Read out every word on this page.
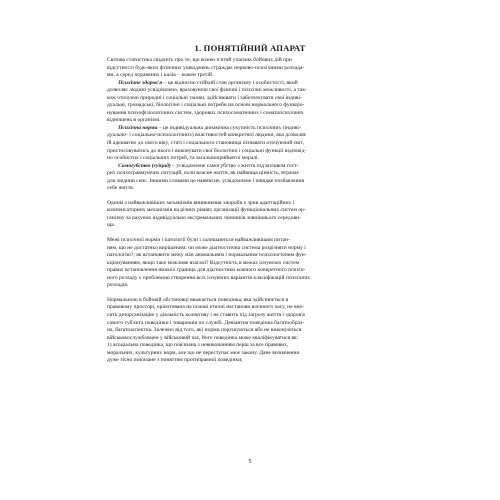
1. ПОНЯТІЙНИЙ АПАРАТ

Світова статистика свідчить про те, що кожен п'ятий учасник бойових дій при
відсутності будь-яких фізичних ушкоджень страждає нервово-психічними розлада-
ми, а серед поранених і калік – кожен третій.

  Психічне здоров'я – це відносно стійкий стан організму і особистості, який
дозволяє людині усвідомлено, враховуючи свої фізичні і психічні можливості, а так-
кож оточуючі природні і соціальні умови, здійснювати і забезпечувати свої індиві-
дуальні, громадські, біологічні і соціальні потреби на основі нормального функціо-
нування психофізіологічних систем, здорових психосоматичних і соматопсихічних
відношень в організмі.

  Психічна норма – це індивідуальна динамічна сукупність психічних (індиві-
дуально- і соціально-психологічних) властивостей конкретної людини, яка дозволяє
їй адекватно до свого віку, статі і соціального становища пізнавати оточуючий світ,
пристосовуватись до нього і виконувати свої біологічні і соціальні функції відповід-
но особистих і соціальних потреб, та загальноприйнятої моралі.

  Самогубство (суїцид) – усвідомлене самогубство з життя під впливом гост-
рих психотравмуючих ситуацій, коли власне життя, як найвища цінність, втрачає
для людини сенс. Іншими словами це навмисне, усвідомлене і швидке позбавлення
себе життя.

Одним з найважливіших механізмів виникнення хвороби є зрив адаптаційних і
компенсаторних механізмів на різних рівнях організації функціональних систем ор-
ганізму за рахунок індивідуально екстремальних чинників зовнішнього середови-
ща.

Межі психічної норми і патології були і залишаються найважливішим питан-
ням, що не достатньо вирішеним: чи може діагностична система розрізняти норму і
патологію?; як встановити межу між аномальним і нормальним психологічним фун-
кціонуванням, якщо таке можливе взагалі? Відсутність в межах існуючих систем
правил встановлення нижніх границь для діагностики кожного конкретного психіч-
ного розладу є проблемою створення всіх існуючих варіантів класифікацій психічних
розладів.

Нормальною в бойовій обстановці вважається поведінка, яка здійснюється в
правовому просторі, орієнтована на основі етичні настанови воєнного часу, не вно-
сить дезорганізацію у діяльність колективу і не ставить під загрозу життя і здоров'я
самого суб'єкта поведінки і товаришів по службі. Девіантна поведінка багатообраз-
на, багатоаспектна. Залежно від того, які норми порушуються або не виконуються
військовослужбовцем у військовий час, його поведінка може кваліфікуватися як:

1) асоціальна поведінка, що пов'язана з невиконанням перш за все правових,
моральних, культурних норм, але що не переступає меж закону. Дане визначення
дуже тісно пов'язане з поняттям протиправної поведінки;

5
